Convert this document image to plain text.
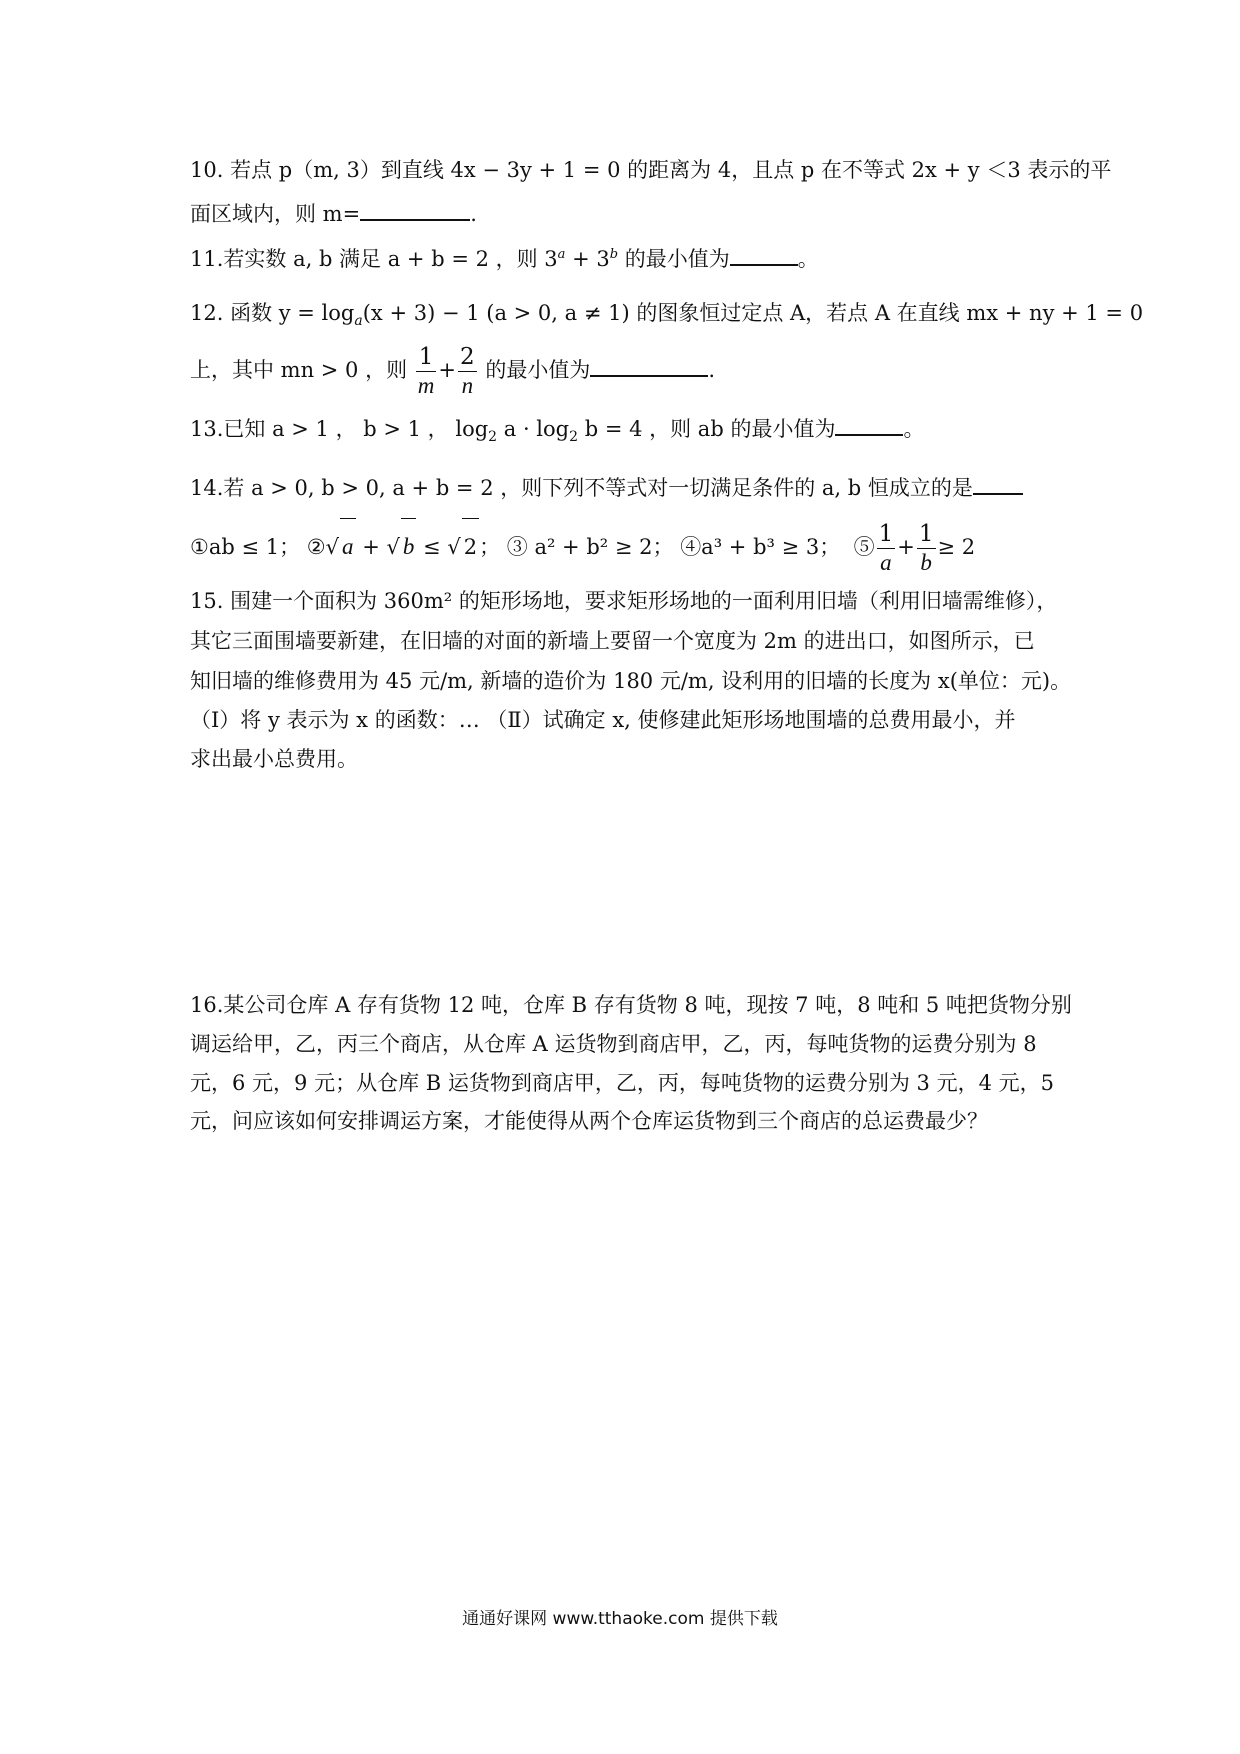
10. 若点 p（m, 3）到直线 4x − 3y + 1 = 0 的距离为 4，且点 p 在不等式 2x + y ＜3 表示的平
面区域内，则 m=	.
11.若实数 a, b 满足 a + b = 2 ，则 $3^a + 3^b$ 的最小值为	。
12. 函数 $y = \log_a(x + 3) - 1$ (a > 0, a ≠ 1) 的图象恒过定点 A，若点 A 在直线 mx + ny + 1 = 0
上，其中 mn > 0 ，则 $\frac{1}{m} + \frac{2}{n}$ 的最小值为	.
13.已知 a > 1 ， b > 1 ， $\log_2 a \cdot \log_2 b = 4$ ，则 ab 的最小值为	。
14.若 a > 0, b > 0, a + b = 2 ，则下列不等式对一切满足条件的 a, b 恒成立的是
①ab ≤ 1； ②√ a + √ b ≤ √ 2； ③ a² + b² ≥ 2； ④a³ + b³ ≥ 3； ⑤ $\frac{1}{a} + \frac{1}{b} \ge 2$
15. 围建一个面积为 360m² 的矩形场地，要求矩形场地的一面利用旧墙（利用旧墙需维修），
其它三面围墙要新建，在旧墙的对面的新墙上要留一个宽度为 2m 的进出口，如图所示，已
知旧墙的维修费用为 45 元/m, 新墙的造价为 180 元/m, 设利用的旧墙的长度为 x(单位：元)。
（Ⅰ）将 y 表示为 x 的函数：… （Ⅱ）试确定 x, 使修建此矩形场地围墙的总费用最小，并
求出最小总费用。
16.某公司仓库 A 存有货物 12 吨，仓库 B 存有货物 8 吨，现按 7 吨，8 吨和 5 吨把货物分别
调运给甲，乙，丙三个商店，从仓库 A 运货物到商店甲，乙，丙，每吨货物的运费分别为 8
元，6 元，9 元；从仓库 B 运货物到商店甲，乙，丙，每吨货物的运费分别为 3 元，4 元，5
元，问应该如何安排调运方案，才能使得从两个仓库运货物到三个商店的总运费最少？
通通好课网 www.tthaoke.com 提供下载
